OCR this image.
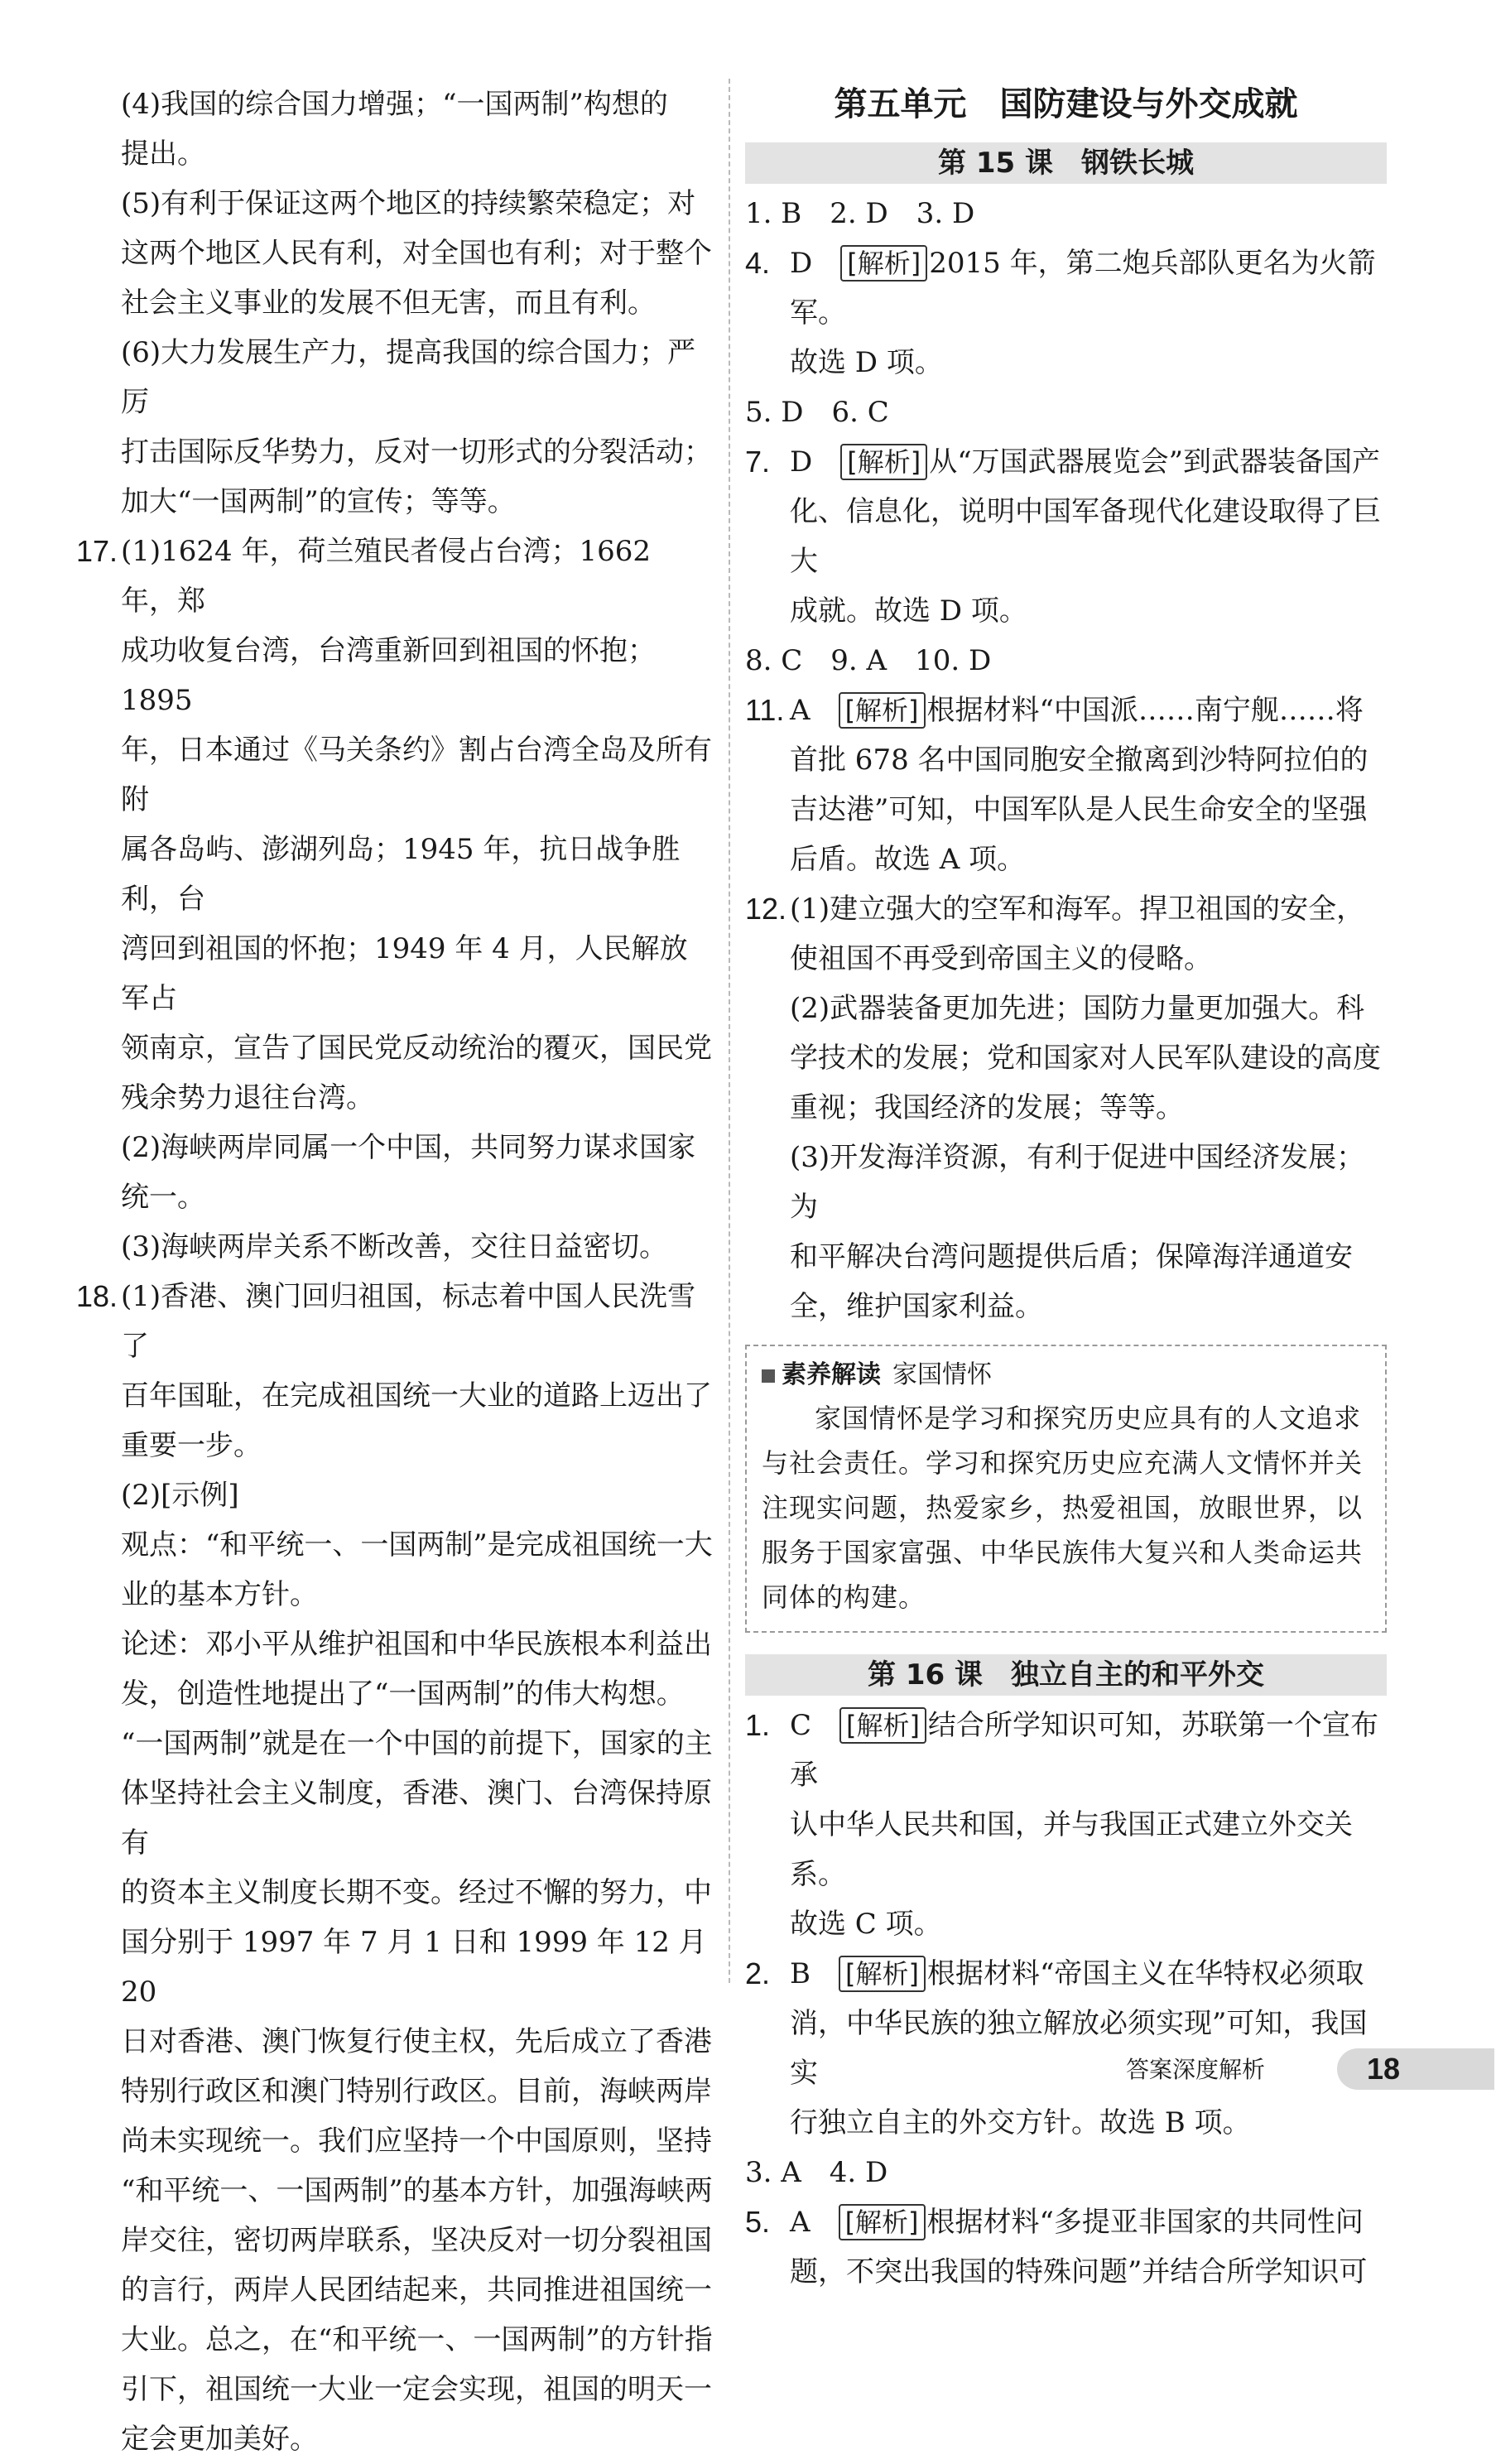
(4)我国的综合国力增强；“一国两制”构想的

提出。

(5)有利于保证这两个地区的持续繁荣稳定；对

这两个地区人民有利，对全国也有利；对于整个

社会主义事业的发展不但无害，而且有利。

(6)大力发展生产力，提高我国的综合国力；严厉

打击国际反华势力，反对一切形式的分裂活动；

加大“一国两制”的宣传；等等。

17. (1)1624 年，荷兰殖民者侵占台湾；1662 年，郑

成功收复台湾，台湾重新回到祖国的怀抱；1895

年，日本通过《马关条约》割占台湾全岛及所有附

属各岛屿、澎湖列岛；1945 年，抗日战争胜利，台

湾回到祖国的怀抱；1949 年 4 月，人民解放军占

领南京，宣告了国民党反动统治的覆灭，国民党

残余势力退往台湾。

(2)海峡两岸同属一个中国，共同努力谋求国家

统一。

(3)海峡两岸关系不断改善，交往日益密切。

18. (1)香港、澳门回归祖国，标志着中国人民洗雪了

百年国耻，在完成祖国统一大业的道路上迈出了

重要一步。

(2)[示例]

观点：“和平统一、一国两制”是完成祖国统一大

业的基本方针。

论述：邓小平从维护祖国和中华民族根本利益出

发，创造性地提出了“一国两制”的伟大构想。

“一国两制”就是在一个中国的前提下，国家的主

体坚持社会主义制度，香港、澳门、台湾保持原有

的资本主义制度长期不变。经过不懈的努力，中

国分别于 1997 年 7 月 1 日和 1999 年 12 月 20

日对香港、澳门恢复行使主权，先后成立了香港

特别行政区和澳门特别行政区。目前，海峡两岸

尚未实现统一。我们应坚持一个中国原则，坚持

“和平统一、一国两制”的基本方针，加强海峡两

岸交往，密切两岸联系，坚决反对一切分裂祖国

的言行，两岸人民团结起来，共同推进祖国统一

大业。总之，在“和平统一、一国两制”的方针指

引下，祖国统一大业一定会实现，祖国的明天一

定会更加美好。

第五单元　国防建设与外交成就
第 15 课　钢铁长城

1. B　2. D　3. D

4. D　[ 解析] 2015 年，第二炮兵部队更名为火箭军。

故选 D 项。

5. D　6. C

7. D　[ 解析] 从“万国武器展览会”到武器装备国产

化、信息化，说明中国军备现代化建设取得了巨大

成就。故选 D 项。

8. C　9. A　10. D

11. A　[ 解析] 根据材料“中国派……南宁舰……将

首批 678 名中国同胞安全撤离到沙特阿拉伯的

吉达港”可知，中国军队是人民生命安全的坚强

后盾。故选 A 项。

12. (1)建立强大的空军和海军。捍卫祖国的安全，

使祖国不再受到帝国主义的侵略。

(2)武器装备更加先进；国防力量更加强大。科

学技术的发展；党和国家对人民军队建设的高度

重视；我国经济的发展；等等。

(3)开发海洋资源，有利于促进中国经济发展；为

和平解决台湾问题提供后盾；保障海洋通道安

全，维护国家利益。

素养解读 家国情怀

家国情怀是学习和探究历史应具有的人文追求与社会责任。学习和探究历史应充满人文情怀并关注现实问题，热爱家乡，热爱祖国，放眼世界，以服务于国家富强、中华民族伟大复兴和人类命运共同体的构建。

第 16 课　独立自主的和平外交
1. C　[ 解析] 结合所学知识可知，苏联第一个宣布承

认中华人民共和国，并与我国正式建立外交关系。

故选 C 项。

2. B　[ 解析] 根据材料“帝国主义在华特权必须取

消，中华民族的独立解放必须实现”可知，我国实

行独立自主的外交方针。故选 B 项。

3. A　4. D

5. A　[ 解析] 根据材料“多提亚非国家的共同性问

题，不突出我国的特殊问题”并结合所学知识可

答案深度解析	18
